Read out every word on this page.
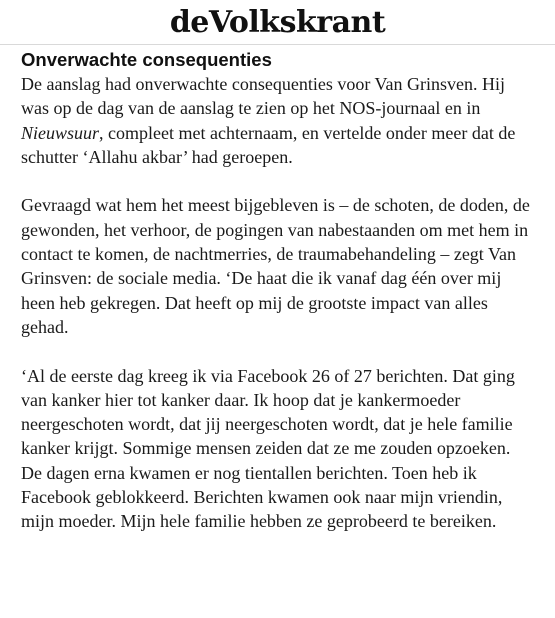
deVolkskrant
Onverwachte consequenties

De aanslag had onverwachte consequenties voor Van Grinsven. Hij was op de dag van de aanslag te zien op het NOS-journaal en in Nieuwsuur, compleet met achternaam, en vertelde onder meer dat de schutter ‘Allahu akbar’ had geroepen.

Gevraagd wat hem het meest bijgebleven is – de schoten, de doden, de gewonden, het verhoor, de pogingen van nabestaanden om met hem in contact te komen, de nachtmerries, de traumabehandeling – zegt Van Grinsven: de sociale media. ‘De haat die ik vanaf dag één over mij heen heb gekregen. Dat heeft op mij de grootste impact van alles gehad.

‘Al de eerste dag kreeg ik via Facebook 26 of 27 berichten. Dat ging van kanker hier tot kanker daar. Ik hoop dat je kankermoeder neergeschoten wordt, dat jij neergeschoten wordt, dat je hele familie kanker krijgt. Sommige mensen zeiden dat ze me zouden opzoeken. De dagen erna kwamen er nog tientallen berichten. Toen heb ik Facebook geblokkeerd. Berichten kwamen ook naar mijn vriendin, mijn moeder. Mijn hele familie hebben ze geprobeerd te bereiken.
